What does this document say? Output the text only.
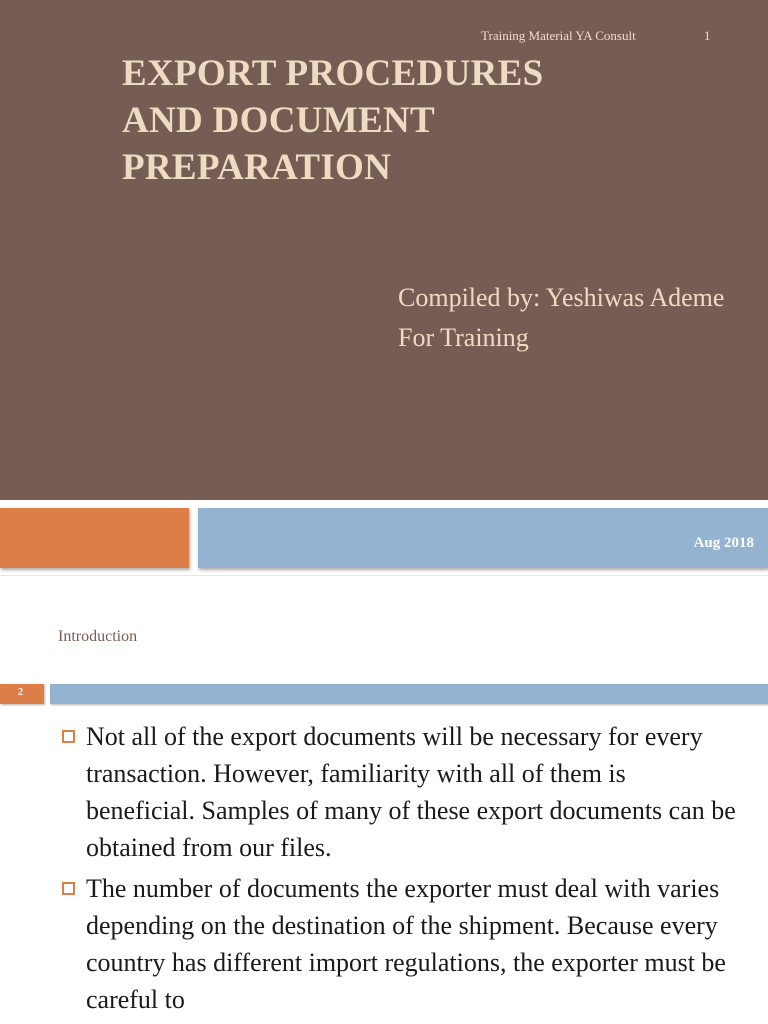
Training Material YA Consult	1
EXPORT PROCEDURES
AND DOCUMENT
PREPARATION
Compiled by: Yeshiwas Ademe
For Training
Aug 2018
Introduction
2
Not all of the export documents will be necessary for every transaction. However, familiarity with all of them is beneficial. Samples of many of these export documents can be obtained from our files.
The number of documents the exporter must deal with varies depending on the destination of the shipment. Because every country has different import regulations, the exporter must be careful to
